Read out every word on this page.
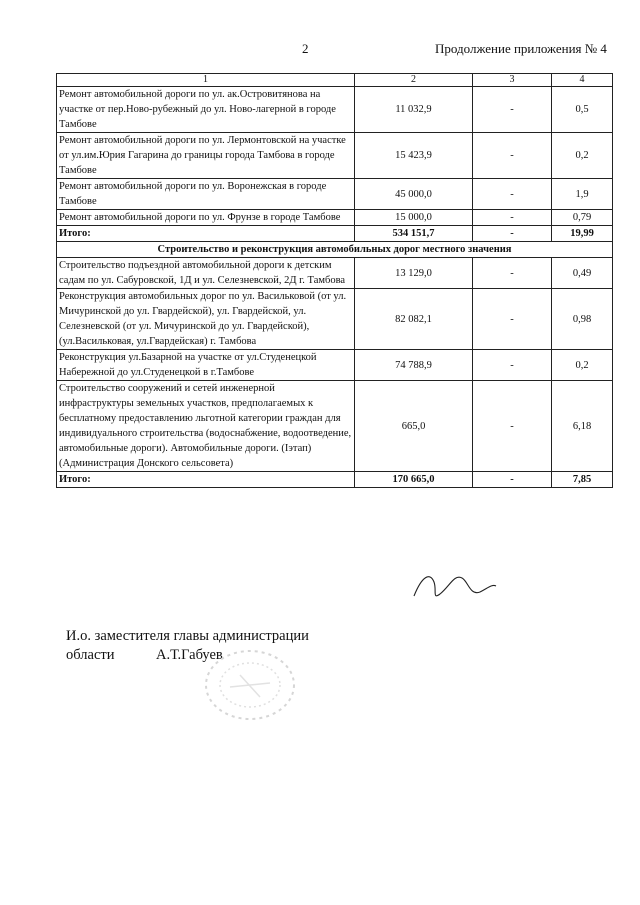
2	Продолжение приложения № 4
1	2	3	4
Ремонт автомобильной дороги по ул. ак.Островитянова на участке от пер.Ново-рубежный до ул. Ново-лагерной в городе Тамбове	11 032,9	-	0,5
Ремонт автомобильной дороги по ул. Лермонтовской на участке от ул.им.Юрия Гагарина до границы города Тамбова в городе Тамбове	15 423,9	-	0,2
Ремонт автомобильной дороги по ул. Воронежская в городе Тамбове	45 000,0	-	1,9
Ремонт автомобильной дороги по ул. Фрунзе в городе Тамбове	15 000,0	-	0,79
Итого:	534 151,7	-	19,99
Строительство и реконструкция автомобильных дорог местного значения			
Строительство подъездной автомобильной дороги к детским садам по ул. Сабуровской, 1Д и ул. Селезневской, 2Д г. Тамбова	13 129,0	-	0,49
Реконструкция автомобильных дорог по ул. Васильковой (от ул. Мичуринской до ул. Гвардейской), ул. Гвардейской, ул. Селезневской (от ул. Мичуринской до ул. Гвардейской), (ул.Васильковая, ул.Гвардейская) г. Тамбова	82 082,1	-	0,98
Реконструкция ул.Базарной на участке от ул.Студенецкой Набережной до ул.Студенецкой в г.Тамбове	74 788,9	-	0,2
Строительство сооружений и сетей инженерной инфраструктуры земельных участков, предполагаемых к бесплатному предоставлению льготной категории граждан для индивидуального строительства (водоснабжение, водоотведение, автомобильные дороги). Автомобильные дороги. (Iэтап) (Администрация Донского сельсовета)	665,0	-	6,18
Итого:	170 665,0	-	7,85
И.о. заместителя главы администрации
области	А.Т.Габуев
